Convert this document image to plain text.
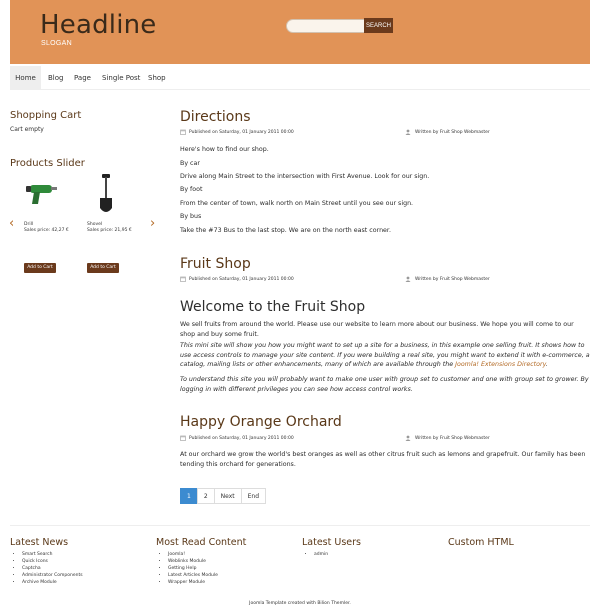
Headline
SLOGAN
SEARCH
Home	Blog Page Single Post Shop
Shopping Cart
Cart empty
Products Slider
‹	›
Drill
Sales price: 42,27 €
Shovel
Sales price: 21,95 €
Add to Cart	Add to Cart
Directions
Published on Saturday, 01 January 2011 00:00	Written by Fruit Shop Webmaster
Here's how to find our shop.
By car
Drive along Main Street to the intersection with First Avenue. Look for our sign.
By foot
From the center of town, walk north on Main Street until you see our sign.
By bus
Take the #73 Bus to the last stop. We are on the north east corner.
Fruit Shop
Published on Saturday, 01 January 2011 00:00	Written by Fruit Shop Webmaster
Welcome to the Fruit Shop
We sell fruits from around the world. Please use our website to learn more about our business. We hope you will come to our shop and buy some fruit.
This mini site will show you how you might want to set up a site for a business, in this example one selling fruit. It shows how to use access controls to manage your site content. If you were building a real site, you might want to extend it with e-commerce, a catalog, mailing lists or other enhancements, many of which are available through the Joomla! Extensions Directory.
To understand this site you will probably want to make one user with group set to customer and one with group set to grower. By logging in with different privileges you can see how access control works.
Happy Orange Orchard
Published on Saturday, 01 January 2011 00:00	Written by Fruit Shop Webmaster
At our orchard we grow the world's best oranges as well as other citrus fruit such as lemons and grapefruit. Our family has been tending this orchard for generations.
1	2	Next	End
Latest News
• Smart Search
• Quick Icons
• Captcha
• Administrator Components
• Archive Module
Most Read Content
• Joomla!
• Weblinks Module
• Getting Help
• Latest Articles Module
• Wrapper Module
Latest Users
• admin
Custom HTML
Joomla Template created with Bilion Themler.
